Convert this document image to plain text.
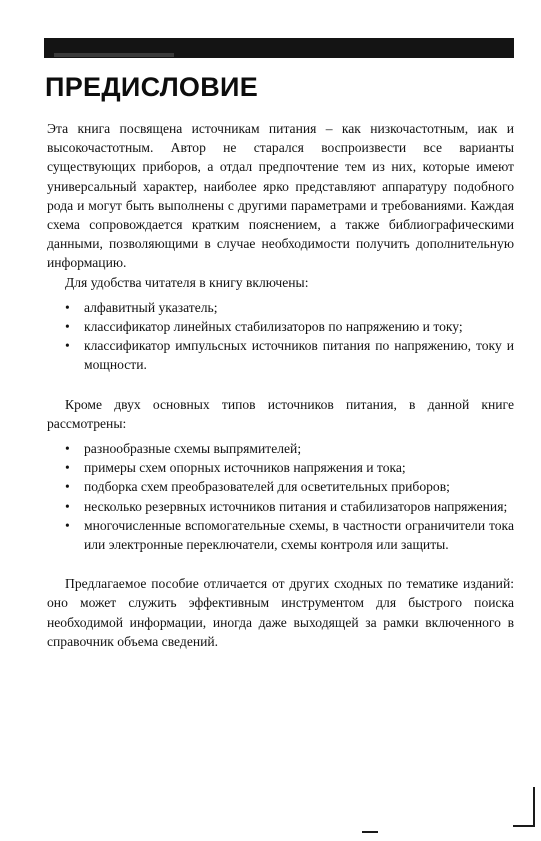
ПРЕДИСЛОВИЕ

Эта книга посвящена источникам питания – как низкочастотным, иак и высокочастотным. Автор не старался воспроизвести все варианты существующих приборов, а отдал предпочтение тем из них, которые имеют универсальный характер, наиболее ярко представляют аппаратуру подобного рода и могут быть выполнены с другими параметрами и требованиями. Каждая схема сопровождается кратким пояснением, а также библиографическими данными, позволяющими в случае необходимости получить дополнительную информацию.

Для удобства читателя в книгу включены:

• алфавитный указатель;
• классификатор линейных стабилизаторов по напряжению и току;
• классификатор импульсных источников питания по напряжению, току и мощности.

Кроме двух основных типов источников питания, в данной книге рассмотрены:

• разнообразные схемы выпрямителей;
• примеры схем опорных источников напряжения и тока;
• подборка схем преобразователей для осветительных приборов;
• несколько резервных источников питания и стабилизаторов напряжения;
• многочисленные вспомогательные схемы, в частности ограничители тока или электронные переключатели, схемы контроля или защиты.

Предлагаемое пособие отличается от других сходных по тематике изданий: оно может служить эффективным инструментом для быстрого поиска необходимой информации, иногда даже выходящей за рамки включенного в справочник объема сведений.
